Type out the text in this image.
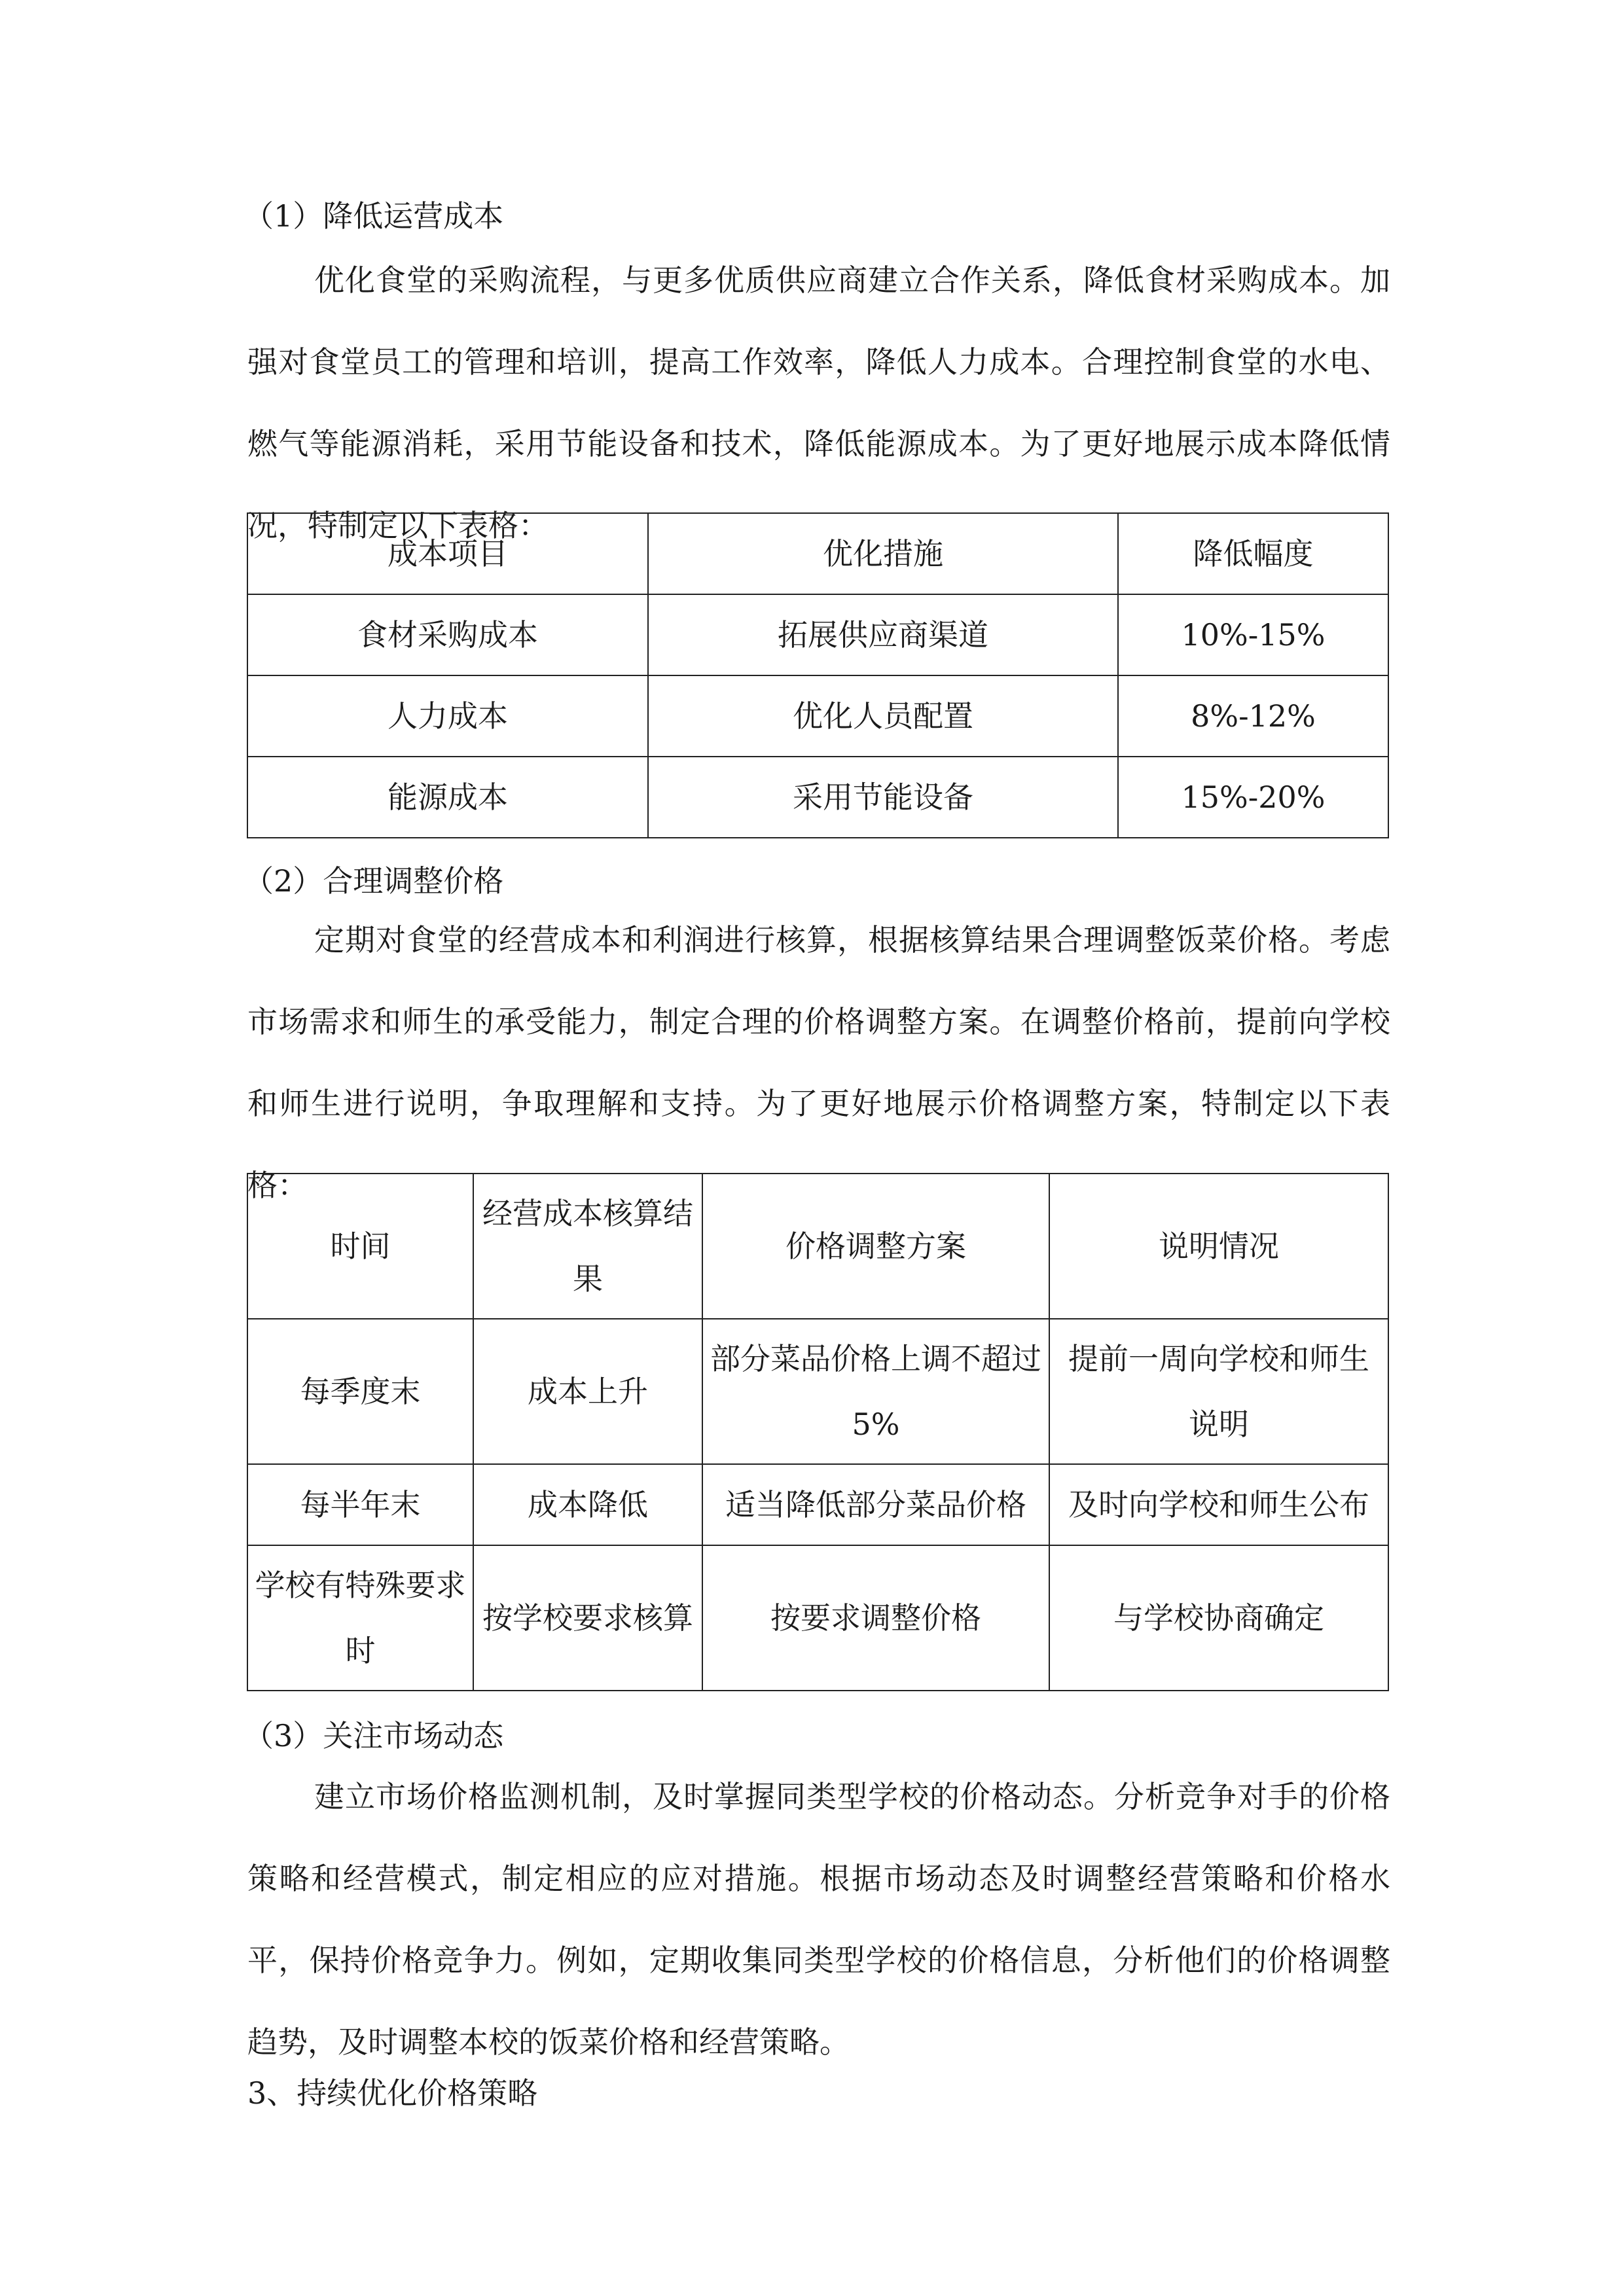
（1）降低运营成本
优化食堂的采购流程，与更多优质供应商建立合作关系，降低食材采购成本。加强对食堂员工的管理和培训，提高工作效率，降低人力成本。合理控制食堂的水电、燃气等能源消耗，采用节能设备和技术，降低能源成本。为了更好地展示成本降低情况，特制定以下表格：
成本项目	优化措施	降低幅度
食材采购成本	拓展供应商渠道	10%-15%
人力成本	优化人员配置	8%-12%
能源成本	采用节能设备	15%-20%
（2）合理调整价格
定期对食堂的经营成本和利润进行核算，根据核算结果合理调整饭菜价格。考虑市场需求和师生的承受能力，制定合理的价格调整方案。在调整价格前，提前向学校和师生进行说明，争取理解和支持。为了更好地展示价格调整方案，特制定以下表格：
时间	经营成本核算结果	价格调整方案	说明情况
每季度末	成本上升	部分菜品价格上调不超过 5%	提前一周向学校和师生说明
每半年末	成本降低	适当降低部分菜品价格	及时向学校和师生公布
学校有特殊要求时	按学校要求核算	按要求调整价格	与学校协商确定
（3）关注市场动态
建立市场价格监测机制，及时掌握同类型学校的价格动态。分析竞争对手的价格策略和经营模式，制定相应的应对措施。根据市场动态及时调整经营策略和价格水平，保持价格竞争力。例如，定期收集同类型学校的价格信息，分析他们的价格调整趋势，及时调整本校的饭菜价格和经营策略。
3、持续优化价格策略
